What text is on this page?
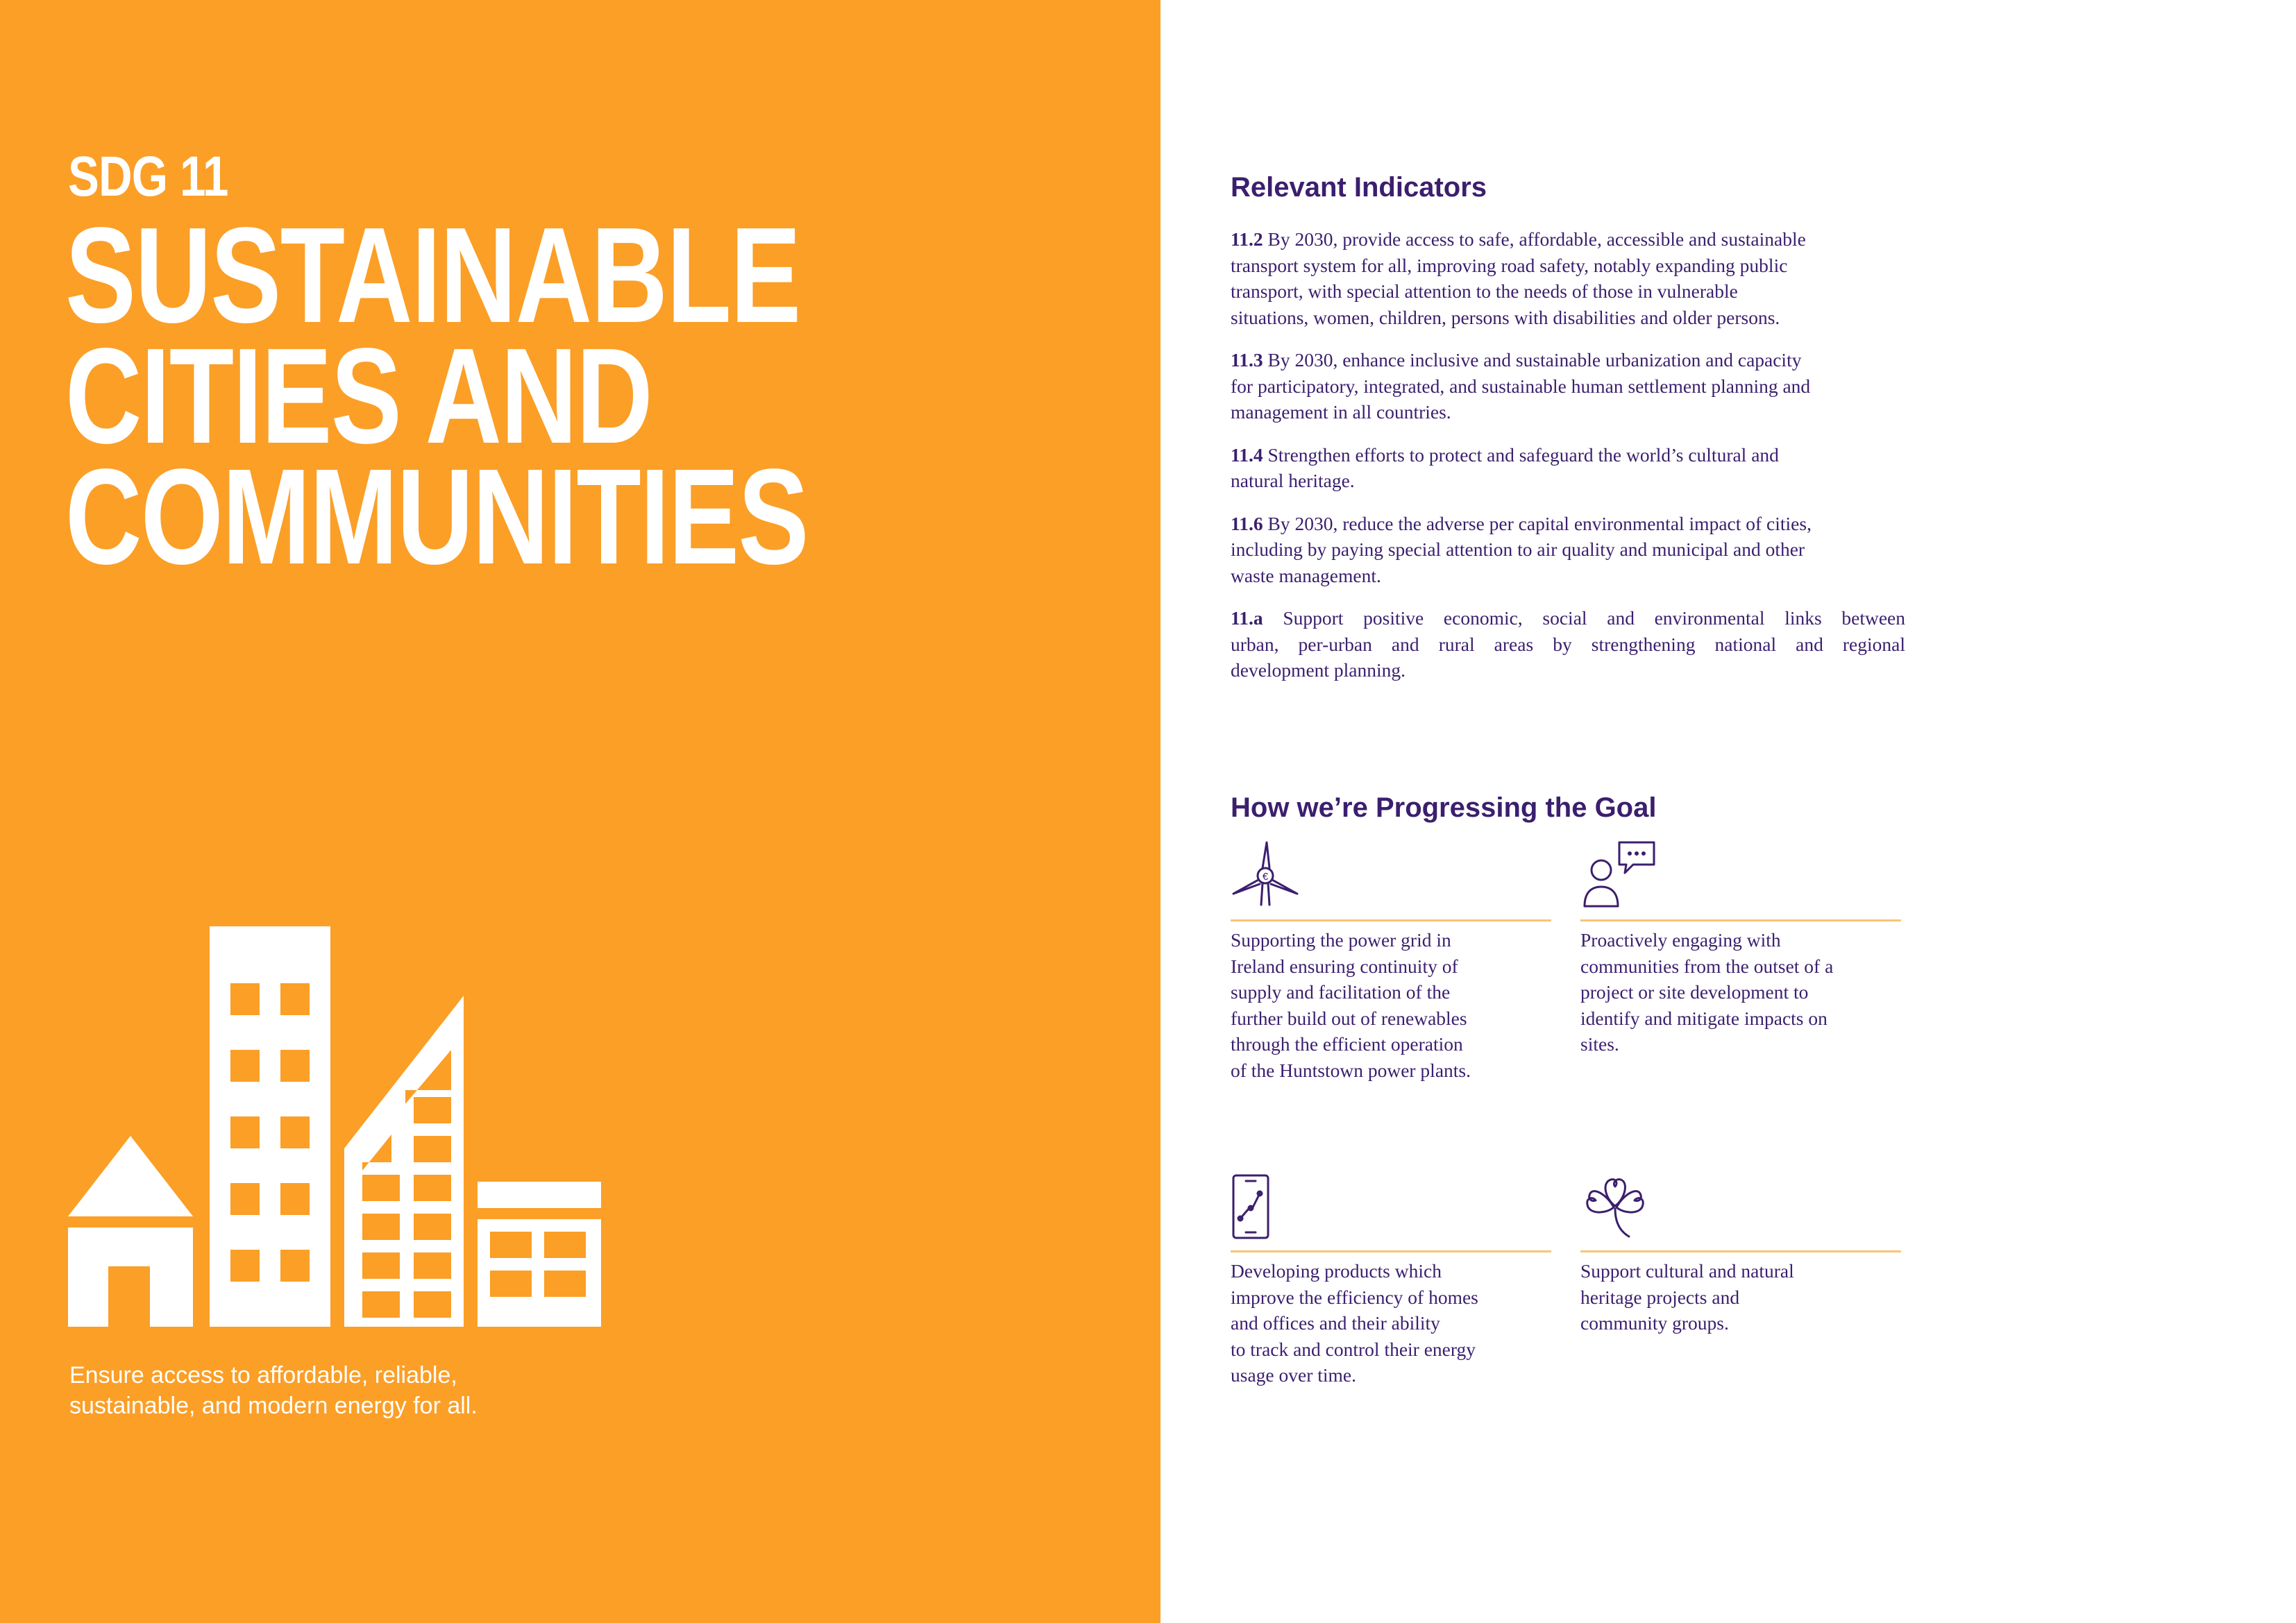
SDG 11
SUSTAINABLE
CITIES AND
COMMUNITIES
Ensure access to affordable, reliable,
sustainable, and modern energy for all.
Relevant Indicators
11.2 By 2030, provide access to safe, affordable, accessible and sustainable
transport system for all, improving road safety, notably expanding public
transport, with special attention to the needs of those in vulnerable
situations, women, children, persons with disabilities and older persons.
11.3 By 2030, enhance inclusive and sustainable urbanization and capacity
for participatory, integrated, and sustainable human settlement planning and
management in all countries.
11.4 Strengthen efforts to protect and safeguard the world’s cultural and
natural heritage.
11.6 By 2030, reduce the adverse per capital environmental impact of cities,
including by paying special attention to air quality and municipal and other
waste management.
11.a Support positive economic, social and environmental links between
urban, per-urban and rural areas by strengthening national and regional
development planning.
How we’re Progressing the Goal
€
Supporting the power grid in
Ireland ensuring continuity of
supply and facilitation of the
further build out of renewables
through the efficient operation
of the Huntstown power plants.
Proactively engaging with
communities from the outset of a
project or site development to
identify and mitigate impacts on
sites.
Developing products which
improve the efficiency of homes
and offices and their ability
to track and control their energy
usage over time.
Support cultural and natural
heritage projects and
community groups.
